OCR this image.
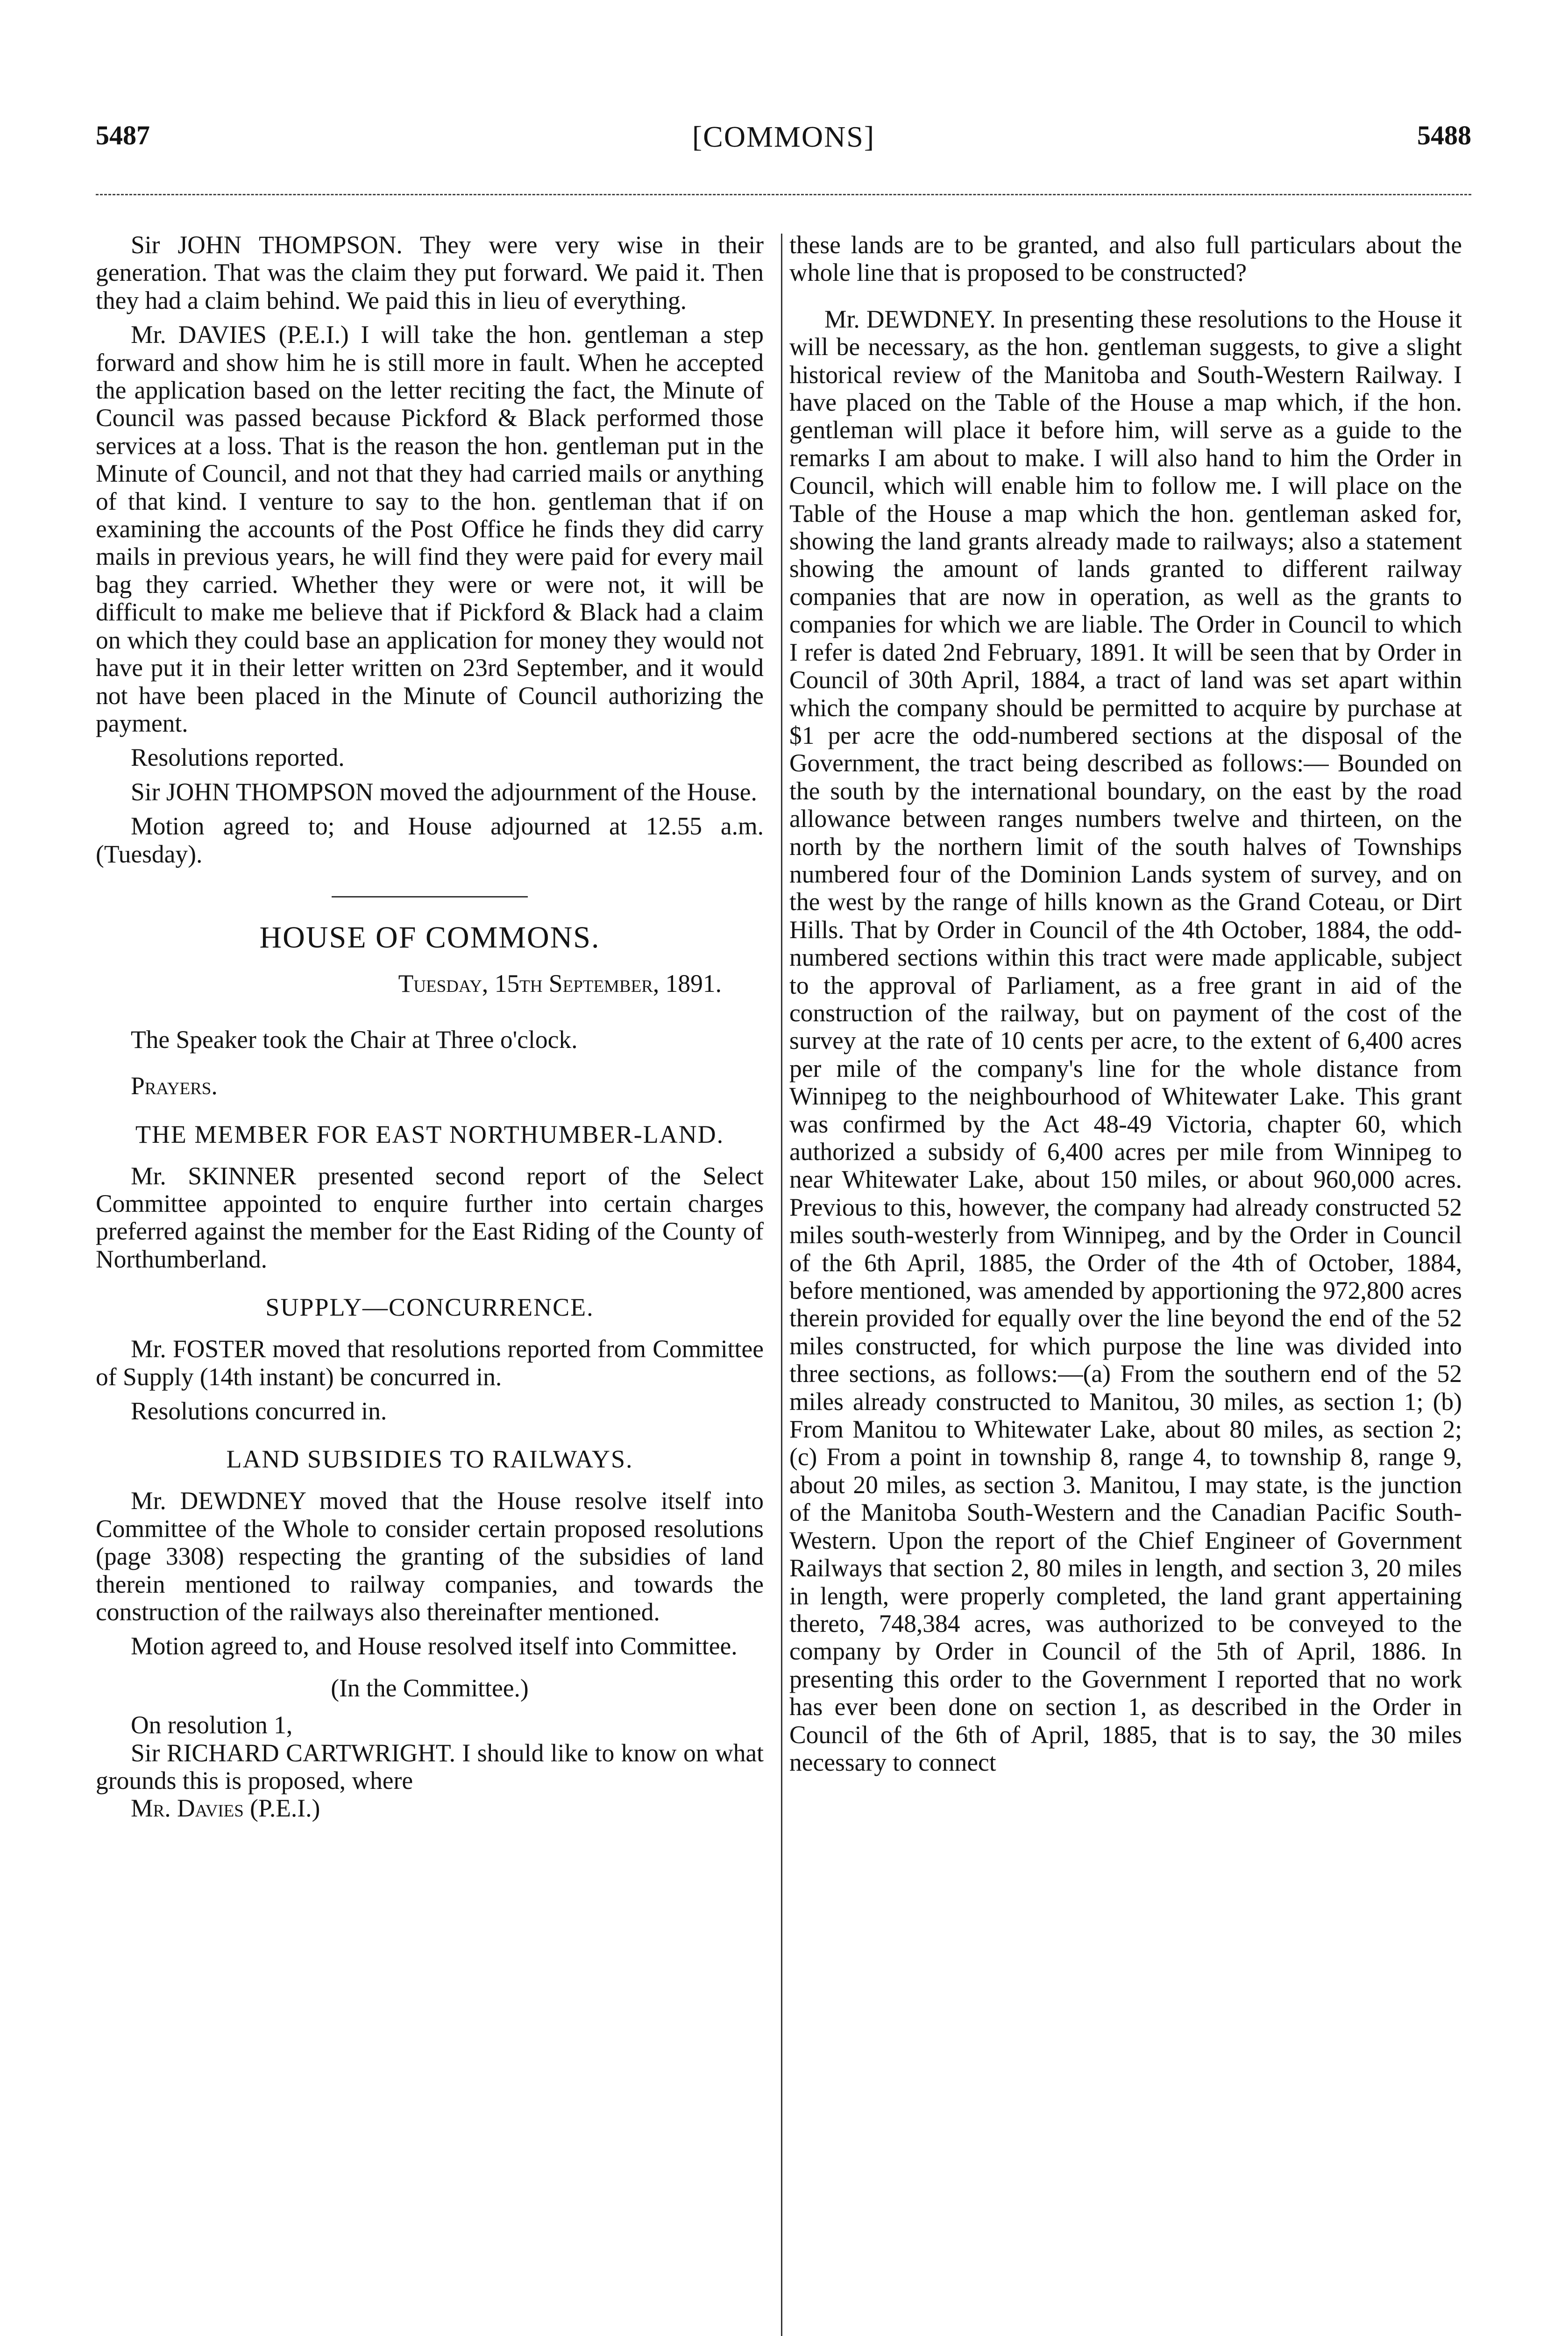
5487	[COMMONS]	5488

Sir JOHN THOMPSON. They were very wise in their generation. That was the claim they put forward. We paid it. Then they had a claim behind. We paid this in lieu of everything.

Mr. DAVIES (P.E.I.) I will take the hon. gentleman a step forward and show him he is still more in fault. When he accepted the application based on the letter reciting the fact, the Minute of Council was passed because Pickford & Black performed those services at a loss. That is the reason the hon. gentleman put in the Minute of Council, and not that they had carried mails or anything of that kind. I venture to say to the hon. gentleman that if on examining the accounts of the Post Office he finds they did carry mails in previous years, he will find they were paid for every mail bag they carried. Whether they were or were not, it will be difficult to make me believe that if Pickford & Black had a claim on which they could base an application for money they would not have put it in their letter written on 23rd September, and it would not have been placed in the Minute of Council authorizing the payment.

Resolutions reported.

Sir JOHN THOMPSON moved the adjournment of the House.

Motion agreed to; and House adjourned at 12.55 a.m. (Tuesday).

HOUSE OF COMMONS.
Tuesday, 15th September, 1891.

The Speaker took the Chair at Three o'clock.

Prayers.

THE MEMBER FOR EAST NORTHUMBER-LAND.

Mr. SKINNER presented second report of the Select Committee appointed to enquire further into certain charges preferred against the member for the East Riding of the County of Northumberland.

SUPPLY—CONCURRENCE.

Mr. FOSTER moved that resolutions reported from Committee of Supply (14th instant) be concurred in.

Resolutions concurred in.

LAND SUBSIDIES TO RAILWAYS.

Mr. DEWDNEY moved that the House resolve itself into Committee of the Whole to consider certain proposed resolutions (page 3308) respecting the granting of the subsidies of land therein mentioned to railway companies, and towards the construction of the railways also thereinafter mentioned.

Motion agreed to, and House resolved itself into Committee.

(In the Committee.)

On resolution 1,

Sir RICHARD CARTWRIGHT. I should like to know on what grounds this is proposed, where

Mr. Davies (P.E.I.)

these lands are to be granted, and also full particulars about the whole line that is proposed to be constructed?

Mr. DEWDNEY. In presenting these resolutions to the House it will be necessary, as the hon. gentleman suggests, to give a slight historical review of the Manitoba and South-Western Railway. I have placed on the Table of the House a map which, if the hon. gentleman will place it before him, will serve as a guide to the remarks I am about to make. I will also hand to him the Order in Council, which will enable him to follow me. I will place on the Table of the House a map which the hon. gentleman asked for, showing the land grants already made to railways; also a statement showing the amount of lands granted to different railway companies that are now in operation, as well as the grants to companies for which we are liable. The Order in Council to which I refer is dated 2nd February, 1891. It will be seen that by Order in Council of 30th April, 1884, a tract of land was set apart within which the company should be permitted to acquire by purchase at $1 per acre the odd-numbered sections at the disposal of the Government, the tract being described as follows:— Bounded on the south by the international boundary, on the east by the road allowance between ranges numbers twelve and thirteen, on the north by the northern limit of the south halves of Townships numbered four of the Dominion Lands system of survey, and on the west by the range of hills known as the Grand Coteau, or Dirt Hills. That by Order in Council of the 4th October, 1884, the odd-numbered sections within this tract were made applicable, subject to the approval of Parliament, as a free grant in aid of the construction of the railway, but on payment of the cost of the survey at the rate of 10 cents per acre, to the extent of 6,400 acres per mile of the company's line for the whole distance from Winnipeg to the neighbourhood of Whitewater Lake. This grant was confirmed by the Act 48-49 Victoria, chapter 60, which authorized a subsidy of 6,400 acres per mile from Winnipeg to near Whitewater Lake, about 150 miles, or about 960,000 acres. Previous to this, however, the company had already constructed 52 miles south-westerly from Winnipeg, and by the Order in Council of the 6th April, 1885, the Order of the 4th of October, 1884, before mentioned, was amended by apportioning the 972,800 acres therein provided for equally over the line beyond the end of the 52 miles constructed, for which purpose the line was divided into three sections, as follows:—(a) From the southern end of the 52 miles already constructed to Manitou, 30 miles, as section 1; (b) From Manitou to Whitewater Lake, about 80 miles, as section 2; (c) From a point in township 8, range 4, to township 8, range 9, about 20 miles, as section 3. Manitou, I may state, is the junction of the Manitoba South-Western and the Canadian Pacific South-Western. Upon the report of the Chief Engineer of Government Railways that section 2, 80 miles in length, and section 3, 20 miles in length, were properly completed, the land grant appertaining thereto, 748,384 acres, was authorized to be conveyed to the company by Order in Council of the 5th of April, 1886. In presenting this order to the Government I reported that no work has ever been done on section 1, as described in the Order in Council of the 6th of April, 1885, that is to say, the 30 miles necessary to connect
